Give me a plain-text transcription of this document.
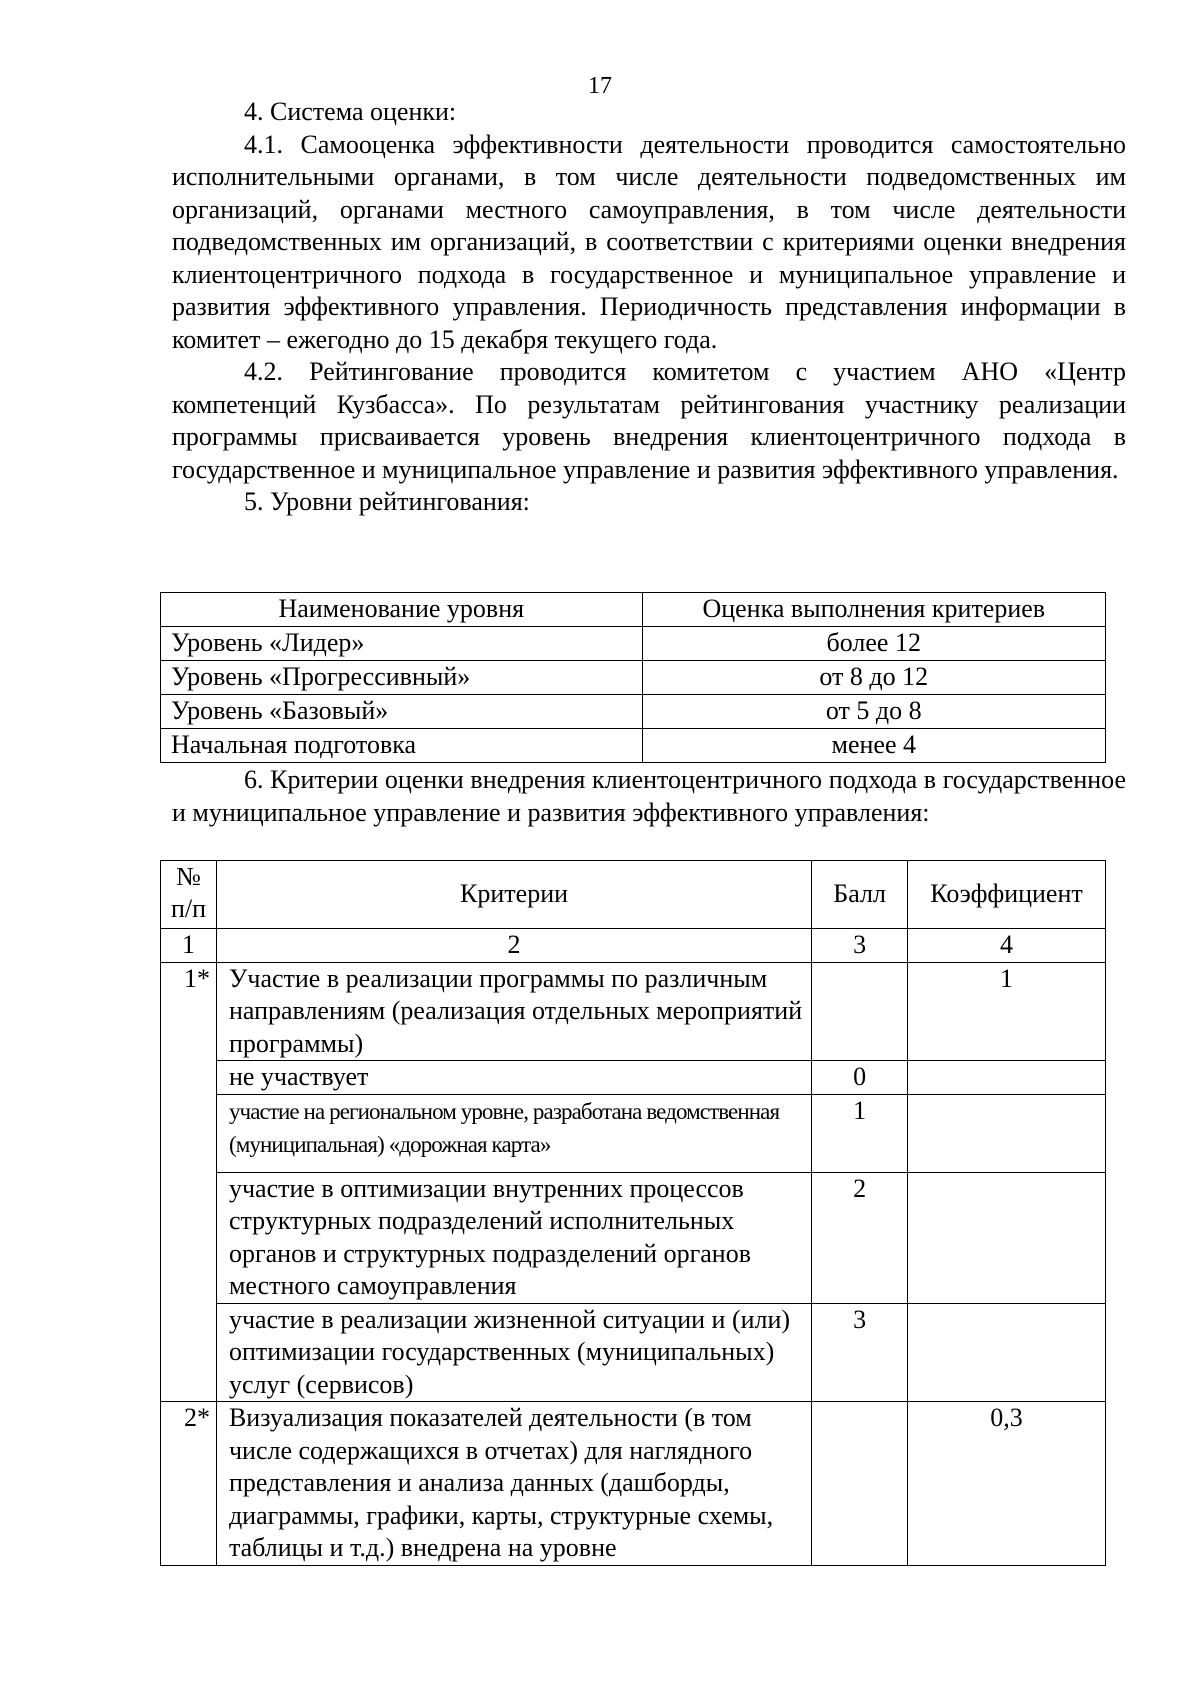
17

4. Система оценки:

4.1. Самооценка эффективности деятельности проводится самостоятельно исполнительными органами, в том числе деятельности подведомственных им организаций, органами местного самоуправления, в том числе деятельности подведомственных им организаций, в соответствии с критериями оценки внедрения клиентоцентричного подхода в государственное и муниципальное управление и развития эффективного управления. Периодичность представления информации в комитет – ежегодно до 15 декабря текущего года.

4.2. Рейтингование проводится комитетом с участием АНО «Центр компетенций Кузбасса». По результатам рейтингования участнику реализации программы присваивается уровень внедрения клиентоцентричного подхода в государственное и муниципальное управление и развития эффективного управления.

5. Уровни рейтингования:

Наименование уровня	Оценка выполнения критериев
Уровень «Лидер»	более 12
Уровень «Прогрессивный»	от 8 до 12
Уровень «Базовый»	от 5 до 8
Начальная подготовка	менее 4

6. Критерии оценки внедрения клиентоцентричного подхода в государственное и муниципальное управление и развития эффективного управления:

№ п/п	Критерии	Балл	Коэффициент
1	2	3	4
1*	Участие в реализации программы по различным направлениям (реализация отдельных мероприятий программы)		1
	не участвует	0	
	участие на региональном уровне, разработана ведомственная (муниципальная) «дорожная карта»	1	
	участие в оптимизации внутренних процессов структурных подразделений исполнительных органов и структурных подразделений органов местного самоуправления	2	
	участие в реализации жизненной ситуации и (или) оптимизации государственных (муниципальных) услуг (сервисов)	3	
2*	Визуализация показателей деятельности (в том числе содержащихся в отчетах) для наглядного представления и анализа данных (дашборды, диаграммы, графики, карты, структурные схемы, таблицы и т.д.) внедрена на уровне		0,3
